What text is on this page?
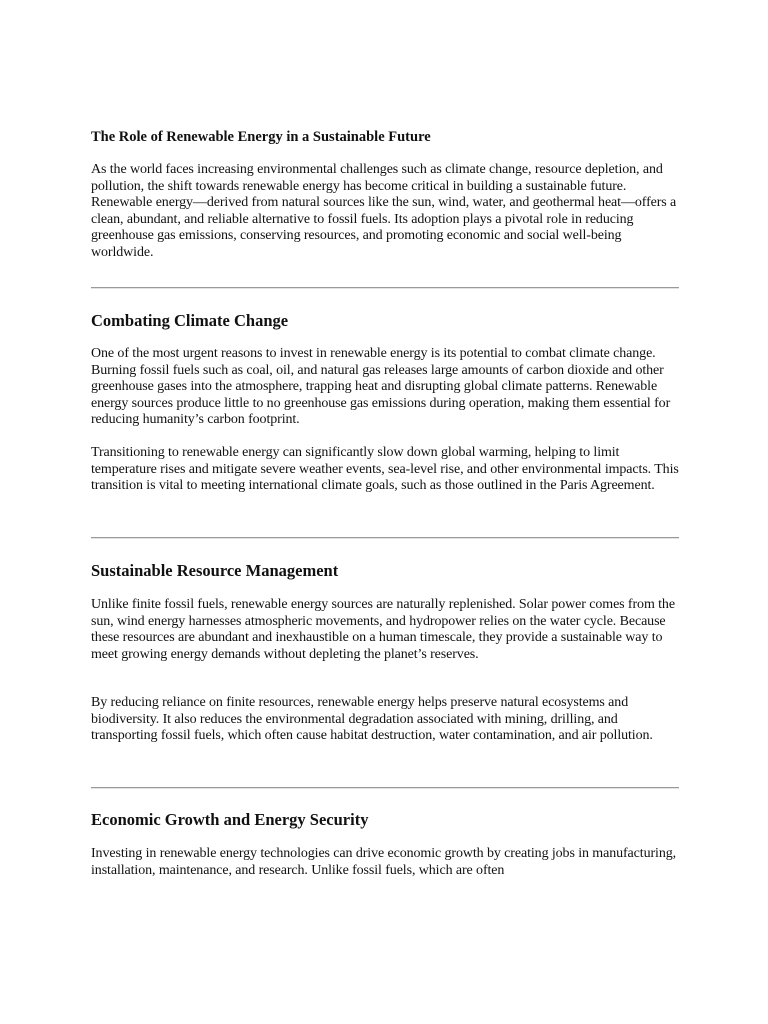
The Role of Renewable Energy in a Sustainable Future

As the world faces increasing environmental challenges such as climate change, resource depletion, and pollution, the shift towards renewable energy has become critical in building a sustainable future. Renewable energy—derived from natural sources like the sun, wind, water, and geothermal heat—offers a clean, abundant, and reliable alternative to fossil fuels. Its adoption plays a pivotal role in reducing greenhouse gas emissions, conserving resources, and promoting economic and social well-being worldwide.

Combating Climate Change

One of the most urgent reasons to invest in renewable energy is its potential to combat climate change. Burning fossil fuels such as coal, oil, and natural gas releases large amounts of carbon dioxide and other greenhouse gases into the atmosphere, trapping heat and disrupting global climate patterns. Renewable energy sources produce little to no greenhouse gas emissions during operation, making them essential for reducing humanity’s carbon footprint.

Transitioning to renewable energy can significantly slow down global warming, helping to limit temperature rises and mitigate severe weather events, sea-level rise, and other environmental impacts. This transition is vital to meeting international climate goals, such as those outlined in the Paris Agreement.

Sustainable Resource Management

Unlike finite fossil fuels, renewable energy sources are naturally replenished. Solar power comes from the sun, wind energy harnesses atmospheric movements, and hydropower relies on the water cycle. Because these resources are abundant and inexhaustible on a human timescale, they provide a sustainable way to meet growing energy demands without depleting the planet’s reserves.

By reducing reliance on finite resources, renewable energy helps preserve natural ecosystems and biodiversity. It also reduces the environmental degradation associated with mining, drilling, and transporting fossil fuels, which often cause habitat destruction, water contamination, and air pollution.

Economic Growth and Energy Security

Investing in renewable energy technologies can drive economic growth by creating jobs in manufacturing, installation, maintenance, and research. Unlike fossil fuels, which are often
